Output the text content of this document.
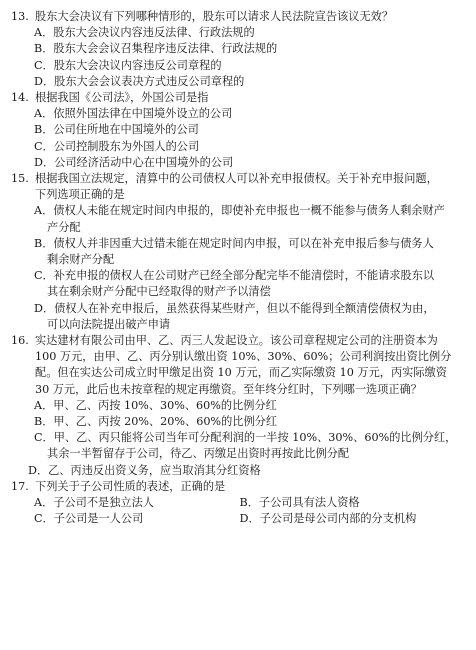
13. 股东大会决议有下列哪种情形的，股东可以请求人民法院宣告该议无效？
A．股东大会决议内容违反法律、行政法规的
B．股东大会会议召集程序违反法律、行政法规的
C．股东大会决议内容违反公司章程的
D．股东大会会议表决方式违反公司章程的
14. 根据我国《公司法》，外国公司是指
A．依照外国法律在中国境外设立的公司
B．公司住所地在中国境外的公司
C．公司控制股东为外国人的公司
D．公司经济活动中心在中国境外的公司
15. 根据我国立法规定，清算中的公司债权人可以补充申报债权。关于补充申报问题，
下列选项正确的是
A．债权人未能在规定时间内申报的，即使补充申报也一概不能参与债务人剩余财产
产分配
B．债权人并非因重大过错未能在规定时间内申报，可以在补充申报后参与债务人
剩余财产分配
C．补充申报的债权人在公司财产已经全部分配完毕不能清偿时，不能请求股东以
其在剩余财产分配中已经取得的财产予以清偿
D．债权人在补充申报后，虽然获得某些财产，但以不能得到全额清偿债权为由，
可以向法院提出破产申请
16. 实达建材有限公司由甲、乙、丙三人发起设立。该公司章程规定公司的注册资本为
100 万元，由甲、乙、丙分别认缴出资 10%、30%、60%；公司利润按出资比例分
配。但在实达公司成立时甲缴足出资 10 万元，而乙实际缴资 10 万元，丙实际缴资
30 万元，此后也未按章程的规定再缴资。至年终分红时，下列哪一选项正确？
A．甲、乙、丙按 10%、30%、60%的比例分红
B．甲、乙、丙按 20%、20%、60%的比例分红
C．甲、乙、丙只能将公司当年可分配利润的一半按 10%、30%、60%的比例分红，
其余一半暂留存于公司，待乙、丙缴足出资时再按此比例分配
D．乙、丙违反出资义务，应当取消其分红资格
17. 下列关于子公司性质的表述，正确的是
A．子公司不是独立法人	B．子公司具有法人资格
C．子公司是一人公司	D．子公司是母公司内部的分支机构
